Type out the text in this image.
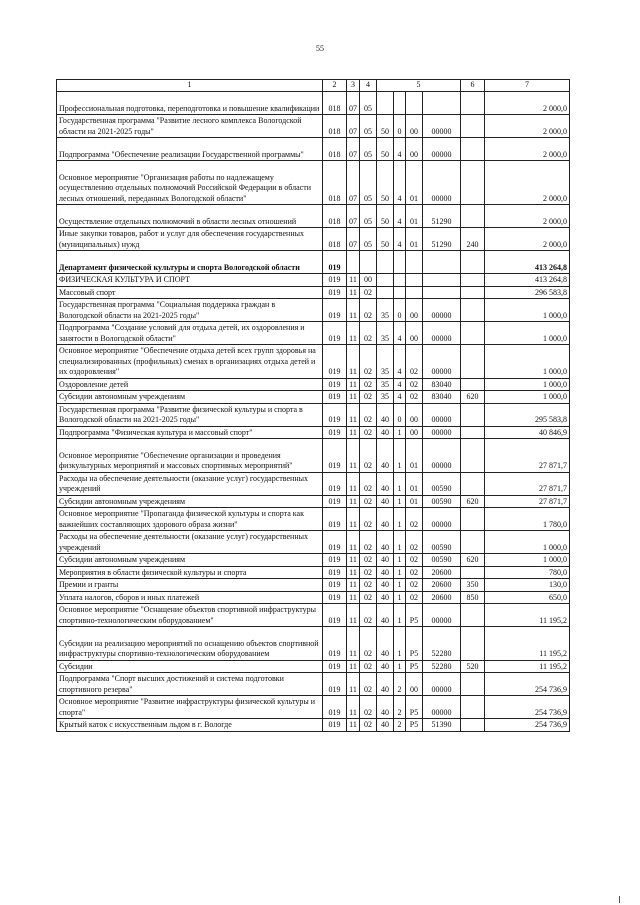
55
1	2	3	4	5				6	7
Профессиональная подготовка, переподготовка и повышение квалификации	018	07	05						2 000,0
Государственная программа "Развитие лесного комплекса Вологодской области на 2021-2025 годы"	018	07	05	50	0	00	00000		2 000,0
Подпрограмма "Обеспечение реализации Государственной программы"	018	07	05	50	4	00	00000		2 000,0
Основное мероприятие "Организация работы по надлежащему осуществлению отдельных полномочий Российской Федерации в области лесных отношений, переданных Вологодской области"	018	07	05	50	4	01	00000		2 000,0
Осуществление отдельных полномочий в области лесных отношений	018	07	05	50	4	01	51290		2 000,0
Иные закупки товаров, работ и услуг для обеспечения государственных (муниципальных) нужд	018	07	05	50	4	01	51290	240	2 000,0
Департамент физической культуры и спорта Вологодской области	019								413 264,8
ФИЗИЧЕСКАЯ КУЛЬТУРА И СПОРТ	019	11	00						413 264,8
Массовый спорт	019	11	02						296 583,8
Государственная программа "Социальная поддержка граждан в Вологодской области на 2021-2025 годы"	019	11	02	35	0	00	00000		1 000,0
Подпрограмма "Создание условий для отдыха детей, их оздоровления и занятости в Вологодской области"	019	11	02	35	4	00	00000		1 000,0
Основное мероприятие "Обеспечение отдыха детей всех групп здоровья на специализированных (профильных) сменах в организациях отдыха детей и их оздоровления"	019	11	02	35	4	02	00000		1 000,0
Оздоровление детей	019	11	02	35	4	02	83040		1 000,0
Субсидии автономным учреждениям	019	11	02	35	4	02	83040	620	1 000,0
Государственная программа "Развитие физической культуры и спорта в Вологодской области на 2021-2025 годы"	019	11	02	40	0	00	00000		295 583,8
Подпрограмма "Физическая культура и массовый спорт"	019	11	02	40	1	00	00000		40 846,9
Основное мероприятие "Обеспечение организации и проведения физкультурных мероприятий и массовых спортивных мероприятий"	019	11	02	40	1	01	00000		27 871,7
Расходы на обеспечение деятельности (оказание услуг) государственных учреждений	019	11	02	40	1	01	00590		27 871,7
Субсидии автономным учреждениям	019	11	02	40	1	01	00590	620	27 871,7
Основное мероприятие "Пропаганда физической культуры и спорта как важнейших составляющих здорового образа жизни"	019	11	02	40	1	02	00000		1 780,0
Расходы на обеспечение деятельности (оказание услуг) государственных учреждений	019	11	02	40	1	02	00590		1 000,0
Субсидии автономным учреждениям	019	11	02	40	1	02	00590	620	1 000,0
Мероприятия в области физической культуры и спорта	019	11	02	40	1	02	20600		780,0
Премии и гранты	019	11	02	40	1	02	20600	350	130,0
Уплата налогов, сборов и иных платежей	019	11	02	40	1	02	20600	850	650,0
Основное мероприятие "Оснащение объектов спортивной инфраструктуры спортивно-технологическим оборудованием"	019	11	02	40	1	P5	00000		11 195,2
Субсидии на реализацию мероприятий по оснащению объектов спортивной инфраструктуры спортивно-технологическим оборудованием	019	11	02	40	1	P5	52280		11 195,2
Субсидии	019	11	02	40	1	P5	52280	520	11 195,2
Подпрограмма "Спорт высших достижений и система подготовки спортивного резерва"	019	11	02	40	2	00	00000		254 736,9
Основное мероприятие "Развитие инфраструктуры физической культуры и спорта"	019	11	02	40	2	P5	00000		254 736,9
Крытый каток с искусственным льдом в г. Вологде	019	11	02	40	2	P5	51390		254 736,9
